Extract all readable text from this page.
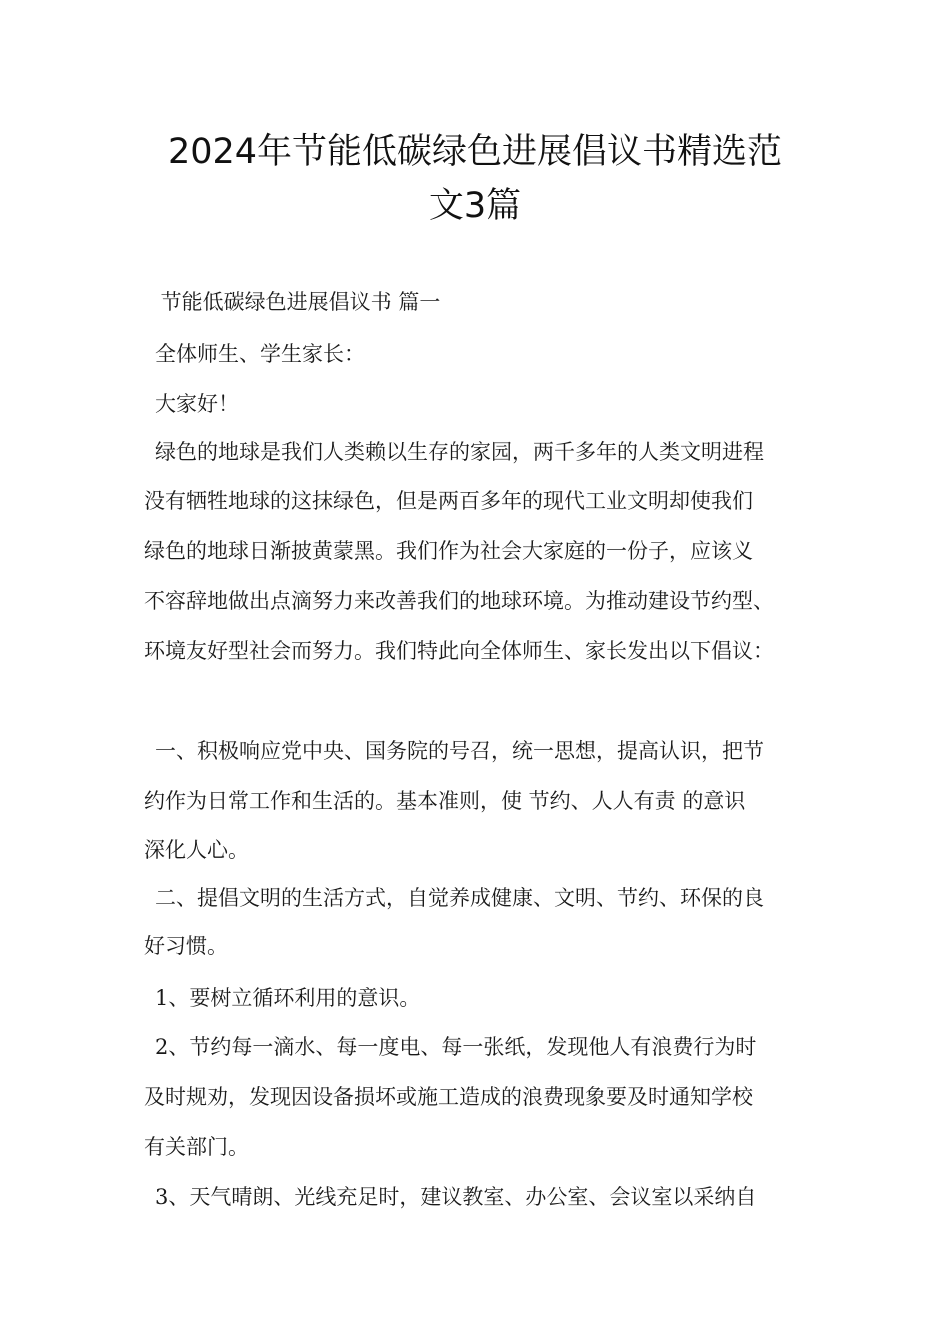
2024年节能低碳绿色进展倡议书精选范
文3篇
节能低碳绿色进展倡议书 篇一
全体师生、学生家长：
大家好！
绿色的地球是我们人类赖以生存的家园，两千多年的人类文明进程
没有牺牲地球的这抹绿色，但是两百多年的现代工业文明却使我们
绿色的地球日渐披黄蒙黑。我们作为社会大家庭的一份子，应该义
不容辞地做出点滴努力来改善我们的地球环境。为推动建设节约型、
环境友好型社会而努力。我们特此向全体师生、家长发出以下倡议：
一、积极响应党中央、国务院的号召，统一思想，提高认识，把节
约作为日常工作和生活的。基本准则，使 节约、人人有责 的意识
深化人心。
二、提倡文明的生活方式，自觉养成健康、文明、节约、环保的良
好习惯。
1、要树立循环利用的意识。
2、节约每一滴水、每一度电、每一张纸，发现他人有浪费行为时
及时规劝，发现因设备损坏或施工造成的浪费现象要及时通知学校
有关部门。
3、天气晴朗、光线充足时，建议教室、办公室、会议室以采纳自
